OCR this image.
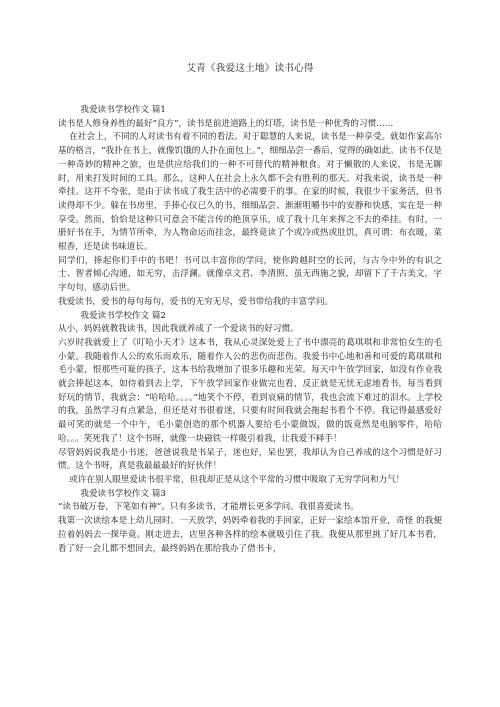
艾青《我爱这土地》读书心得

我爱读书学校作文 篇1

读书是人修身养性的最好“良方”，读书是前进道路上的灯塔，读书是一种优秀的习惯……

在社会上，不同的人对读书有着不同的看法。对于聪慧的人来说，读书是一种享受。就如作家高尔基的格言，“我扑在书上，就像饥饿的人扑在面包上。”，细细品尝一番后，觉得的确如此。读书不仅是一种奇妙的精神之旅，也是供应给我们的一种不可替代的精神粮食。对于懒散的人来说，书是无聊时，用来打发时间的工具。那么，这种人在社会上永久都不会有胜利的那天。对我来说，读书是一种牵挂。这并不夸张，是由于读书成了我生活中的必需要干的事。在家的时候，我很少干家务活，但书读得却不少。躲在书房里，手捧心仪已久的书，细细品尝、渐渐咀嚼书中的安静和快感，实在是一种享受。然而，恰恰是这种只可意会不能言传的绝顶享乐，成了我十几年来挥之不去的牵挂。有时，一册好书在手，为情节所牵，为人物命运而挂念，最终竟读了个或冷或热或肚饥，真可谓：布衣暖，菜根香，还是读书味道长。

同学们，捧起你们手中的书吧！书可以丰富你的学问，使你跨越时空的长河，与古今中外的有识之士、智者倾心沟通，如无穷，击浮澜。就像卓文君、李清照、虽无西施之貌，却留下了千古美文，字字句句，感动后世。

我爱读书，爱书的每句每句，爱书的无穷无尽，爱书带给我的丰富学问。

我爱读书学校作文 篇2

从小，妈妈就教我读书，因此我就养成了一个爱读书的好习惯。

六岁时我就爱上了《叮哈小天才》这本书，我从心灵深处爱上了书中漂亮的葛琪琪和非常怕女生的毛小蒙。我随着作人公的欢乐而欢乐，随着作人公的悲伤而悲伤。我爱书中心地和善和可爱的葛琪琪和毛小蒙，恨那些可耻的孩子，这本书给我增加了很多乐趣和光荣。每天中午放学回家，如没有作业我就会捧起这本，如侍着到去上学，下午放学回家作业做完也看，反正就是无忧无虑地看书，每当看到好玩的情节，我就会：“哈哈哈。。。。”地笑个不停，看到哀痛的情节，我也会流下难过的泪水。上学校的我，虽然学习有点紧急，但还是对书很着迷，只要有时间我就会拖起书看个不停。我记得最感爱好最可笑的就是一个中午，毛小蒙创造的那个机器人要给毛小蒙做饭，做的饭竟然是电脑零件，哈哈哈。。。笑死我了！这个书呀，就像一块磁铁一样吸引着我，让我爱不释手！

尽管妈妈说我是小书迷，爸爸说我是书呆子，迷也好，呆也罢，我却认为自己养成的这个习惯是好习惯。这个书呀，真是我最最最好的好伙伴！

或许在别人眼里爱读书很平常，但我却正是从这个平常的习惯中吸取了无穷学问和力气！

我爱读书学校作文 篇3

“读书破万卷，下笔如有神”。只有多读书，才能增长更多学问。我很喜爱读书。

我第一次读绘本是上幼儿园时。一天放学，妈妈牵着我的手回家，正好一家绘本馆开业，奇怪 的我便拉着妈妈去一探毕竟。刚走进去，店里各种各样的绘本就吸引住了我。我便从那里挑了好几本书看，看了好一会儿都不想回去，最终妈妈在那给我办了借书卡，
